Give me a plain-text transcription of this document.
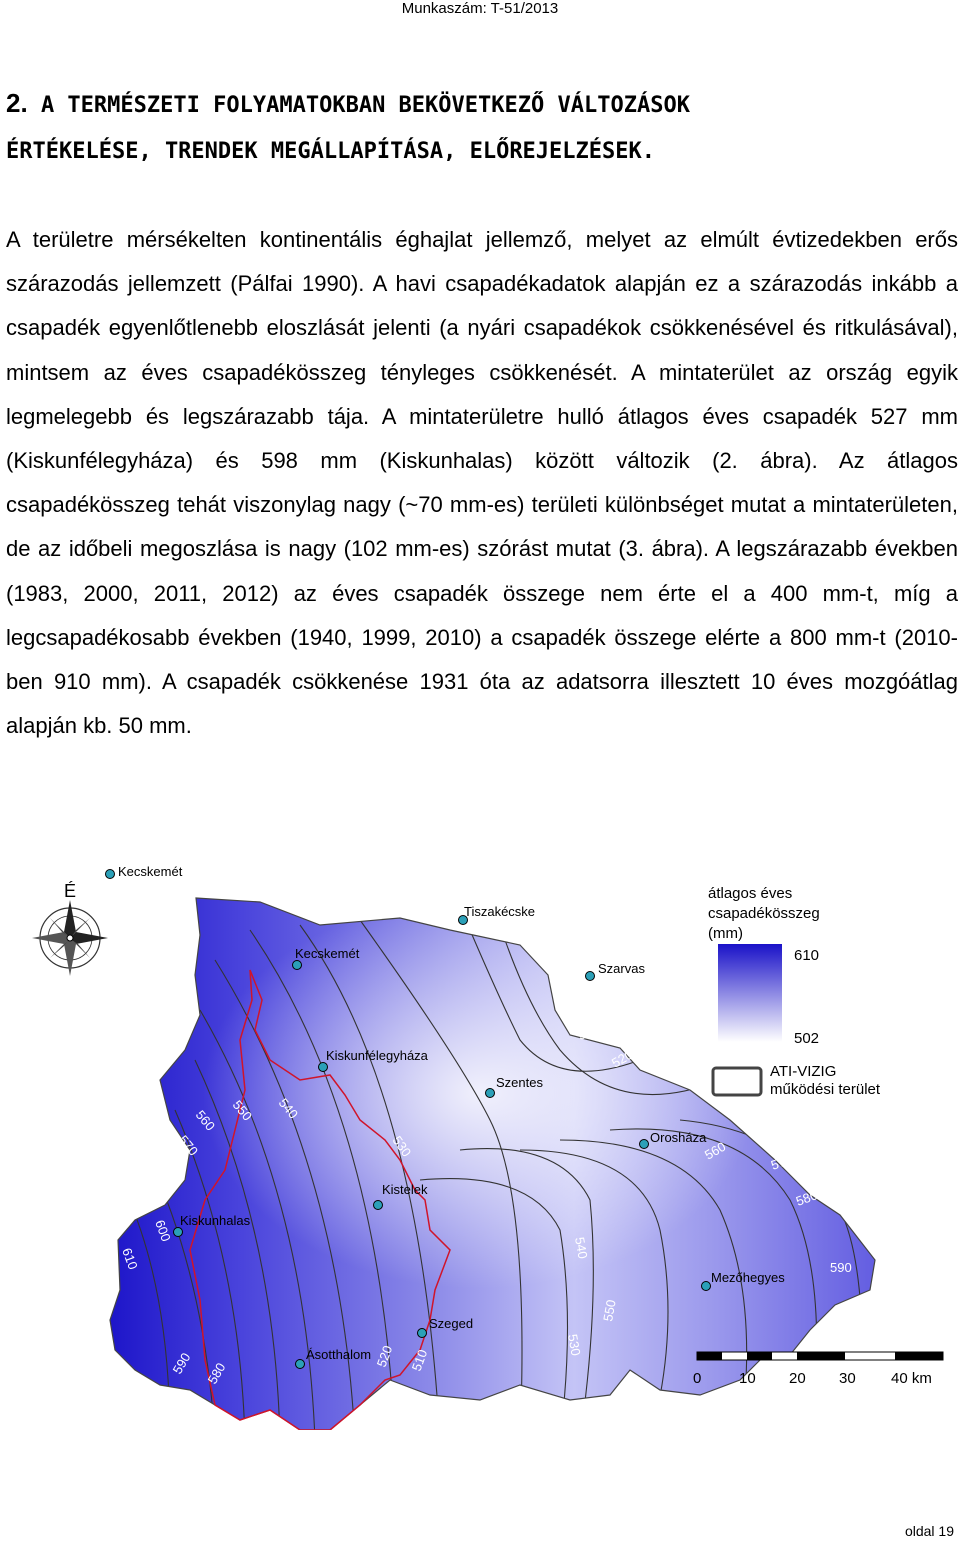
Munkaszám: T-51/2013
2. A TERMÉSZETI FOLYAMATOKBAN BEKÖVETKEZŐ VÁLTOZÁSOK
ÉRTÉKELÉSE, TRENDEK MEGÁLLAPÍTÁSA, ELŐREJELZÉSEK.
A területre mérsékelten kontinentális éghajlat jellemző, melyet az elmúlt évtizedekben erős szárazodás jellemzett (Pálfai 1990). A havi csapadékadatok alapján ez a szárazodás inkább a csapadék egyenlőtlenebb eloszlását jelenti (a nyári csapadékok csökkenésével és ritkulásával), mintsem az éves csapadékösszeg tényleges csökkenését. A mintaterület az ország egyik legmelegebb és legszárazabb tája. A mintaterületre hulló átlagos éves csapadék 527 mm (Kiskunfélegyháza) és 598 mm (Kiskunhalas) között változik (2. ábra). Az átlagos csapadékösszeg tehát viszonylag nagy (~70 mm-es) területi különbséget mutat a mintaterületen, de az időbeli megoszlása is nagy (102 mm-es) szórást mutat (3. ábra). A legszárazabb években (1983, 2000, 2011, 2012) az éves csapadék összege nem érte el a 400 mm-t, míg a legcsapadékosabb években (1940, 1999, 2010) a csapadék összege elérte a 800 mm-t (2010-ben 910 mm). A csapadék csökkenése 1931 óta az adatsorra illesztett 10 éves mozgóátlag alapján kb. 50 mm.
É
Kecskemét
610
600
590 580
570
560 550 540
530
520 510
510
520
530
540
550
560	570
580
590
Tiszakécske
Kecskemét
Szarvas
Kiskunfélegyháza
Szentes
Orosháza
Kistelek
Kiskunhalas
Mezőhegyes
Szeged
Ásotthalom
átlagos éves
csapadékösszeg
(mm)
610
502
ATI-VIZIG
működési terület
0	10 20 30 40 km
oldal 19
